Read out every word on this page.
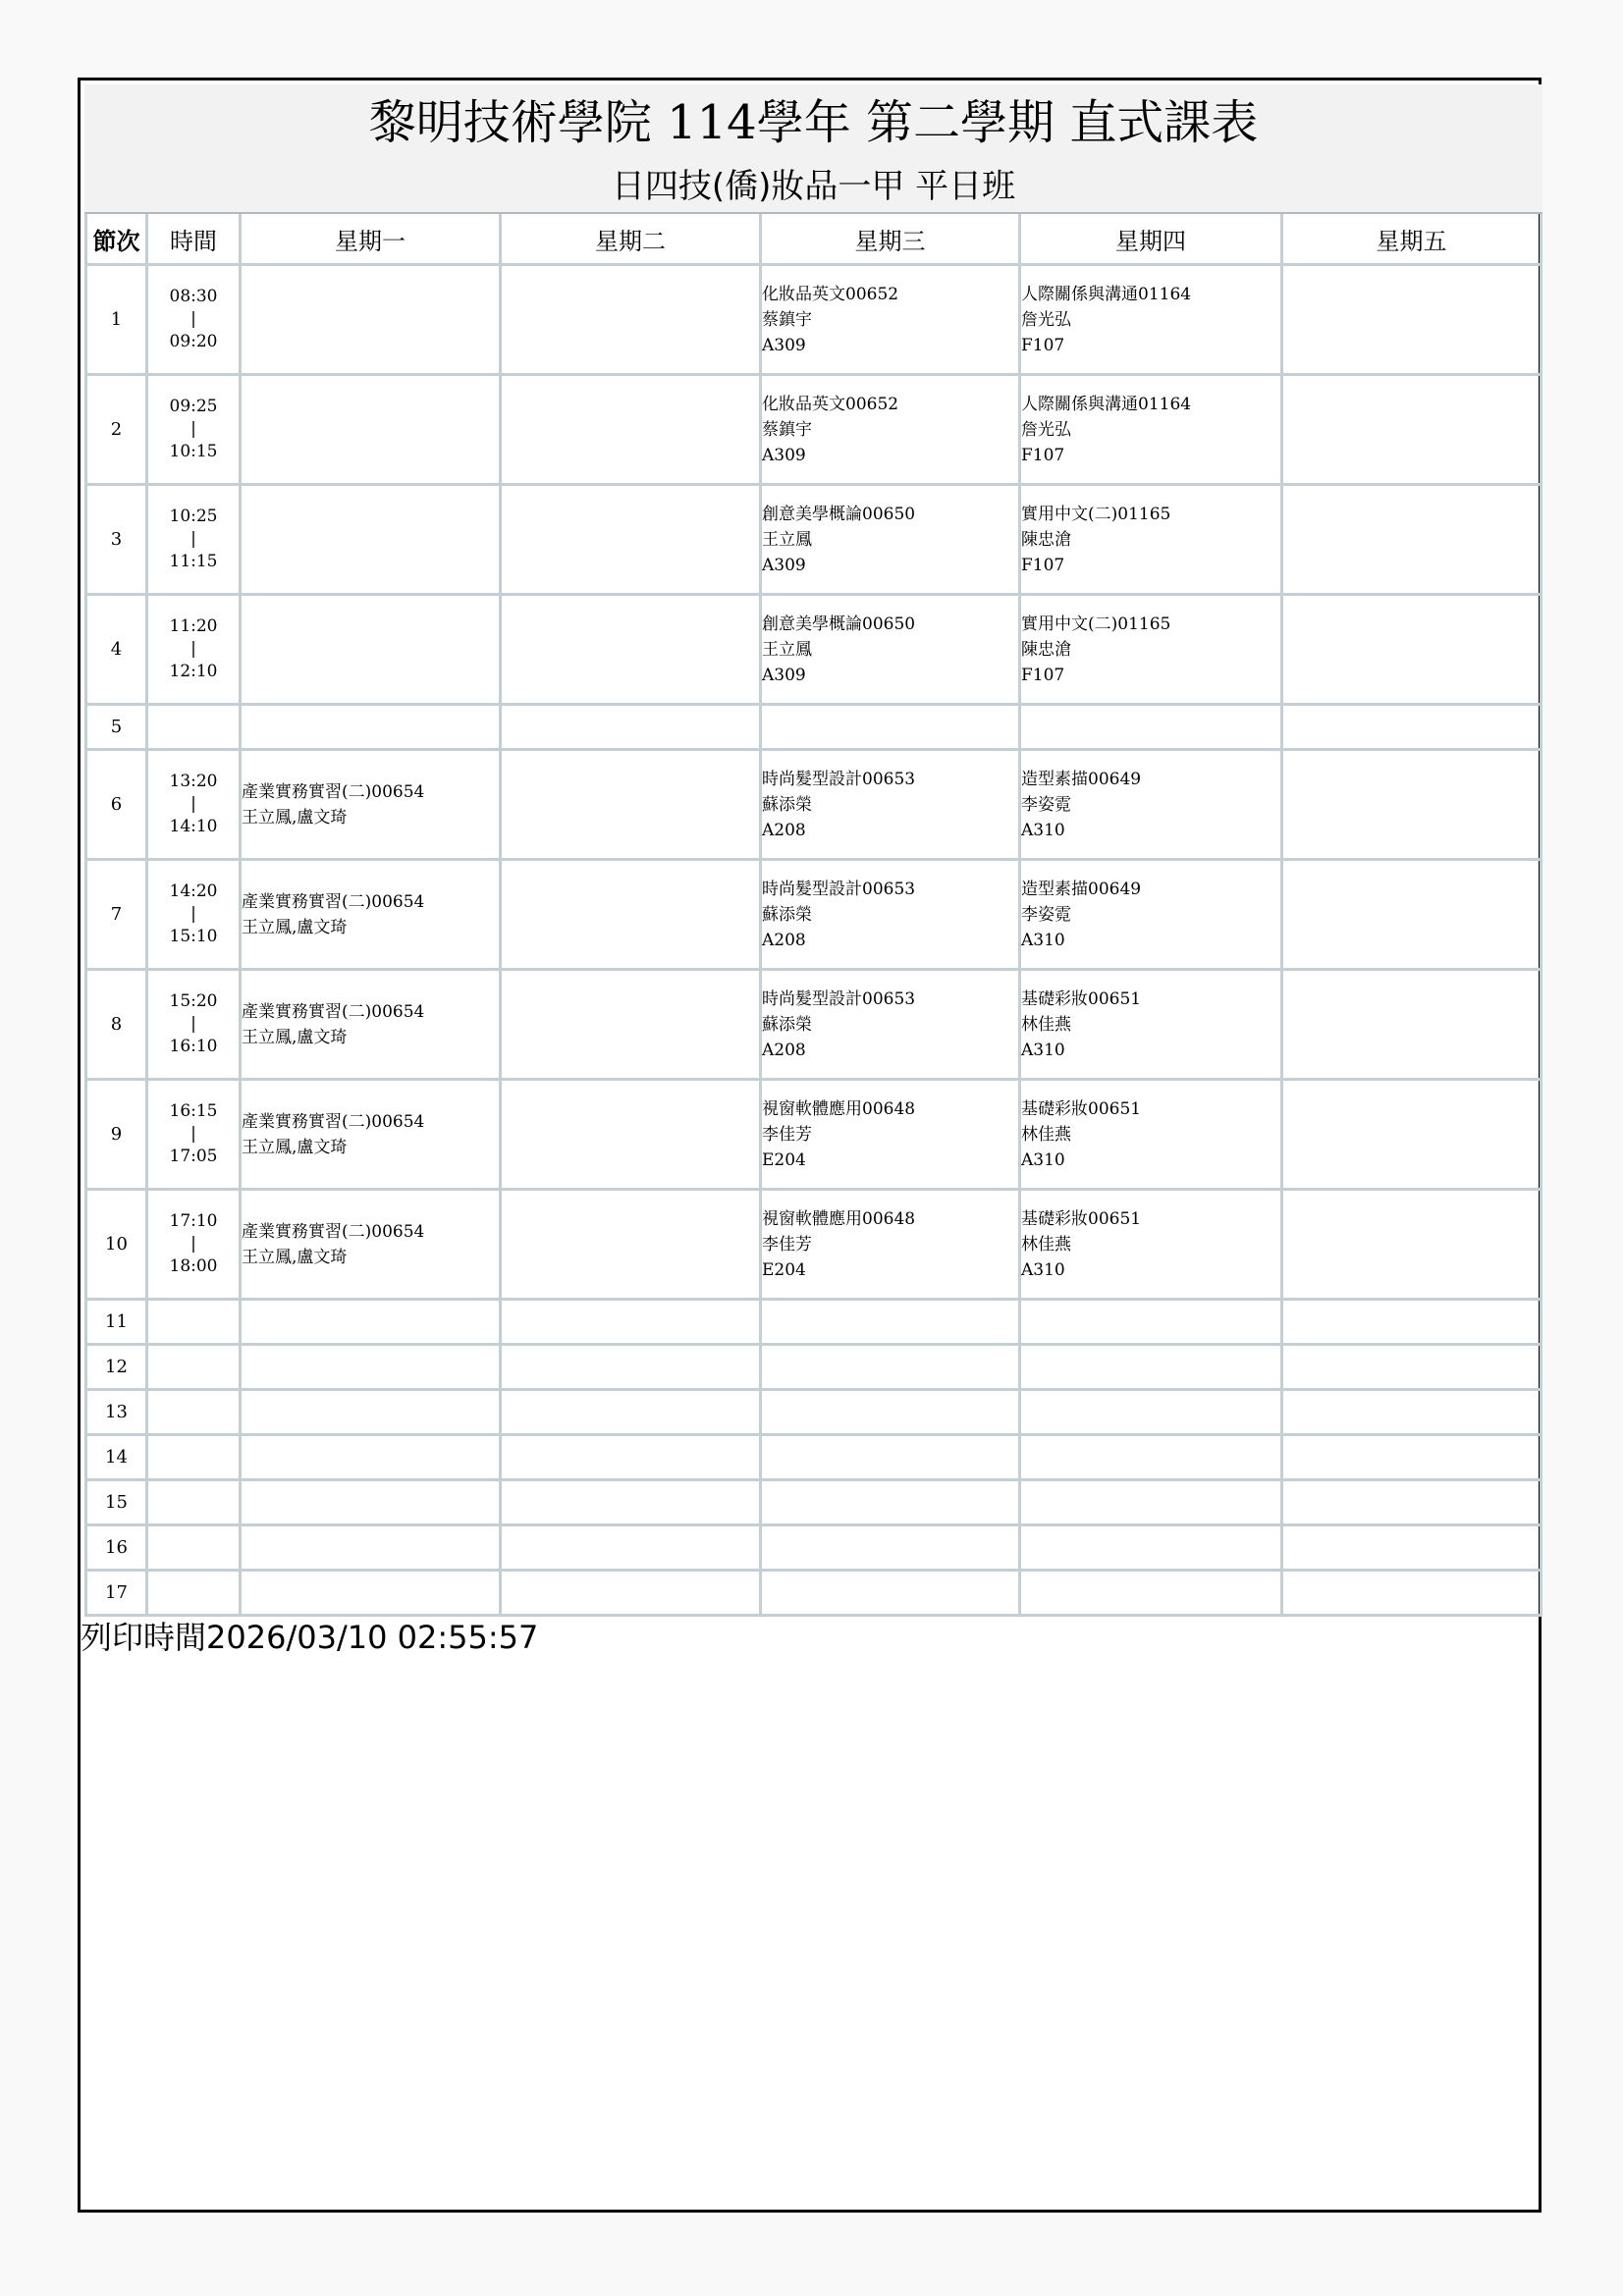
黎明技術學院 114學年 第二學期 直式課表
日四技(僑)妝品一甲 平日班
節次	時間	星期一	星期二	星期三	星期四	星期五
1	08:30
|
09:20			化妝品英文00652
蔡鎮宇
A309	人際關係與溝通01164
詹光弘
F107	

2	09:25
|
10:15			化妝品英文00652
蔡鎮宇
A309	人際關係與溝通01164
詹光弘
F107	

3	10:25
|
11:15			創意美學概論00650
王立鳳
A309	實用中文(二)01165
陳忠滄
F107	

4	11:20
|
12:10			創意美學概論00650
王立鳳
A309	實用中文(二)01165
陳忠滄
F107	

5						
6	13:20
|
14:10	產業實務實習(二)00654
王立鳳,盧文琦		時尚髮型設計00653
蘇添榮
A208	造型素描00649
李姿霓
A310	

7	14:20
|
15:10	產業實務實習(二)00654
王立鳳,盧文琦		時尚髮型設計00653
蘇添榮
A208	造型素描00649
李姿霓
A310	

8	15:20
|
16:10	產業實務實習(二)00654
王立鳳,盧文琦		時尚髮型設計00653
蘇添榮
A208	基礎彩妝00651
林佳燕
A310	

9	16:15
|
17:05	產業實務實習(二)00654
王立鳳,盧文琦		視窗軟體應用00648
李佳芳
E204	基礎彩妝00651
林佳燕
A310	

10	17:10
|
18:00	產業實務實習(二)00654
王立鳳,盧文琦		視窗軟體應用00648
李佳芳
E204	基礎彩妝00651
林佳燕
A310	

11						
12						
13						
14						
15						
16						
17						
列印時間2026/03/10 02:55:57
